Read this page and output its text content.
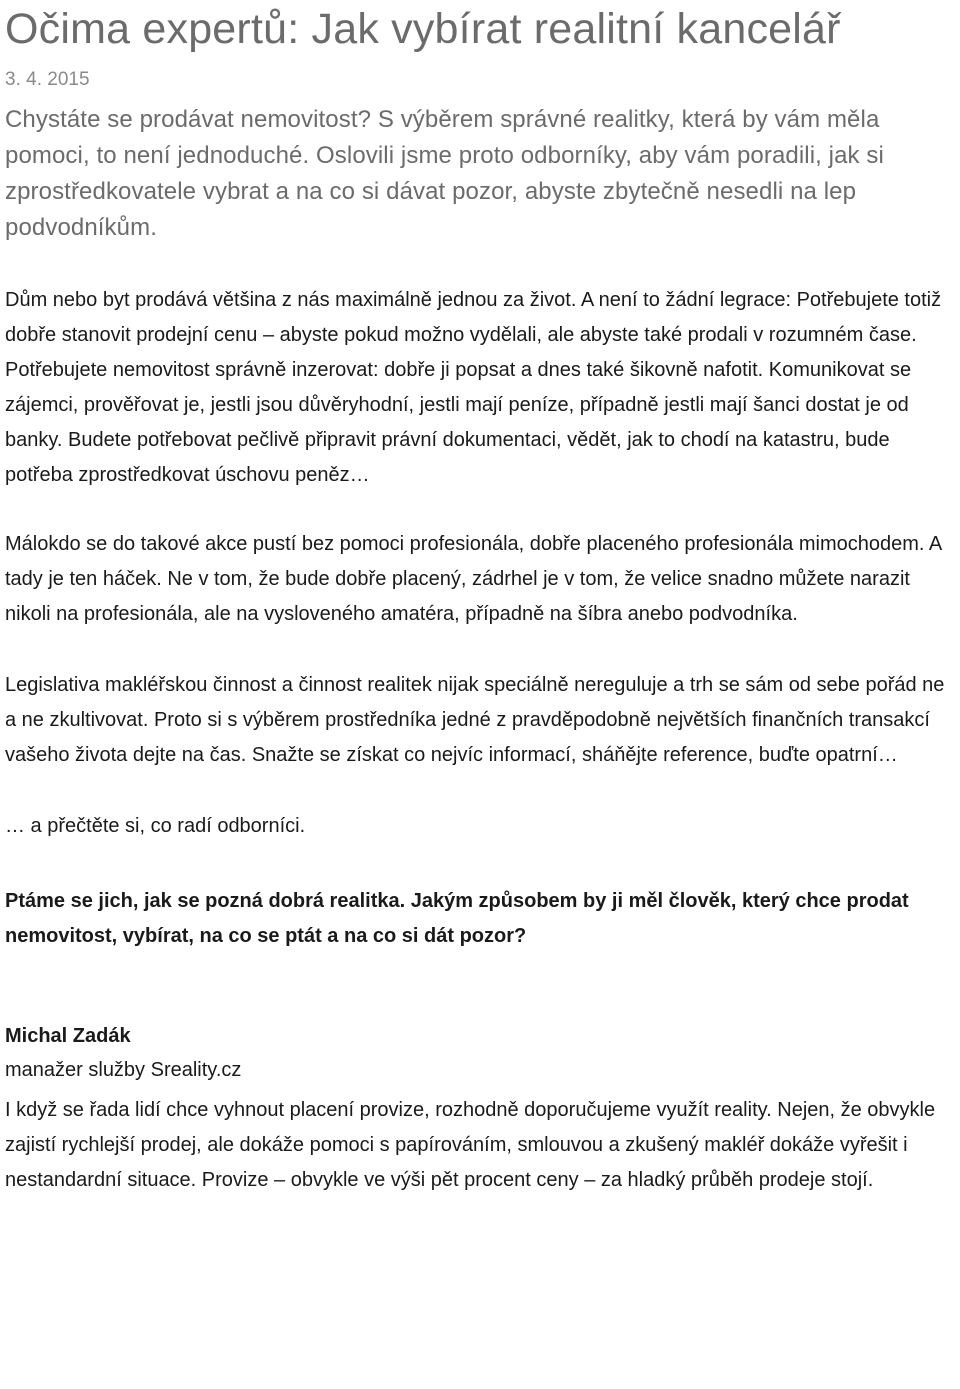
Očima expertů: Jak vybírat realitní kancelář
3. 4. 2015
Chystáte se prodávat nemovitost? S výběrem správné realitky, která by vám měla pomoci, to není jednoduché. Oslovili jsme proto odborníky, aby vám poradili, jak si zprostředkovatele vybrat a na co si dávat pozor, abyste zbytečně nesedli na lep podvodníkům.

Dům nebo byt prodává většina z nás maximálně jednou za život. A není to žádní legrace: Potřebujete totiž dobře stanovit prodejní cenu – abyste pokud možno vydělali, ale abyste také prodali v rozumném čase. Potřebujete nemovitost správně inzerovat: dobře ji popsat a dnes také šikovně nafotit. Komunikovat se zájemci, prověřovat je, jestli jsou důvěryhodní, jestli mají peníze, případně jestli mají šanci dostat je od banky. Budete potřebovat pečlivě připravit právní dokumentaci, vědět, jak to chodí na katastru, bude potřeba zprostředkovat úschovu peněz…

Málokdo se do takové akce pustí bez pomoci profesionála, dobře placeného profesionála mimochodem. A tady je ten háček. Ne v tom, že bude dobře placený, zádrhel je v tom, že velice snadno můžete narazit nikoli na profesionála, ale na vysloveného amatéra, případně na šíbra anebo podvodníka.

Legislativa makléřskou činnost a činnost realitek nijak speciálně nereguluje a trh se sám od sebe pořád ne a ne zkultivovat. Proto si s výběrem prostředníka jedné z pravděpodobně největších finančních transakcí vašeho života dejte na čas. Snažte se získat co nejvíc informací, sháňějte reference, buďte opatrní…

… a přečtěte si, co radí odborníci.

Ptáme se jich, jak se pozná dobrá realitka. Jakým způsobem by ji měl člověk, který chce prodat nemovitost, vybírat, na co se ptát a na co si dát pozor?

Michal Zadák
manažer služby Sreality.cz

I když se řada lidí chce vyhnout placení provize, rozhodně doporučujeme využít reality. Nejen, že obvykle zajistí rychlejší prodej, ale dokáže pomoci s papírováním, smlouvou a zkušený makléř dokáže vyřešit i nestandardní situace. Provize – obvykle ve výši pět procent ceny – za hladký průběh prodeje stojí.
